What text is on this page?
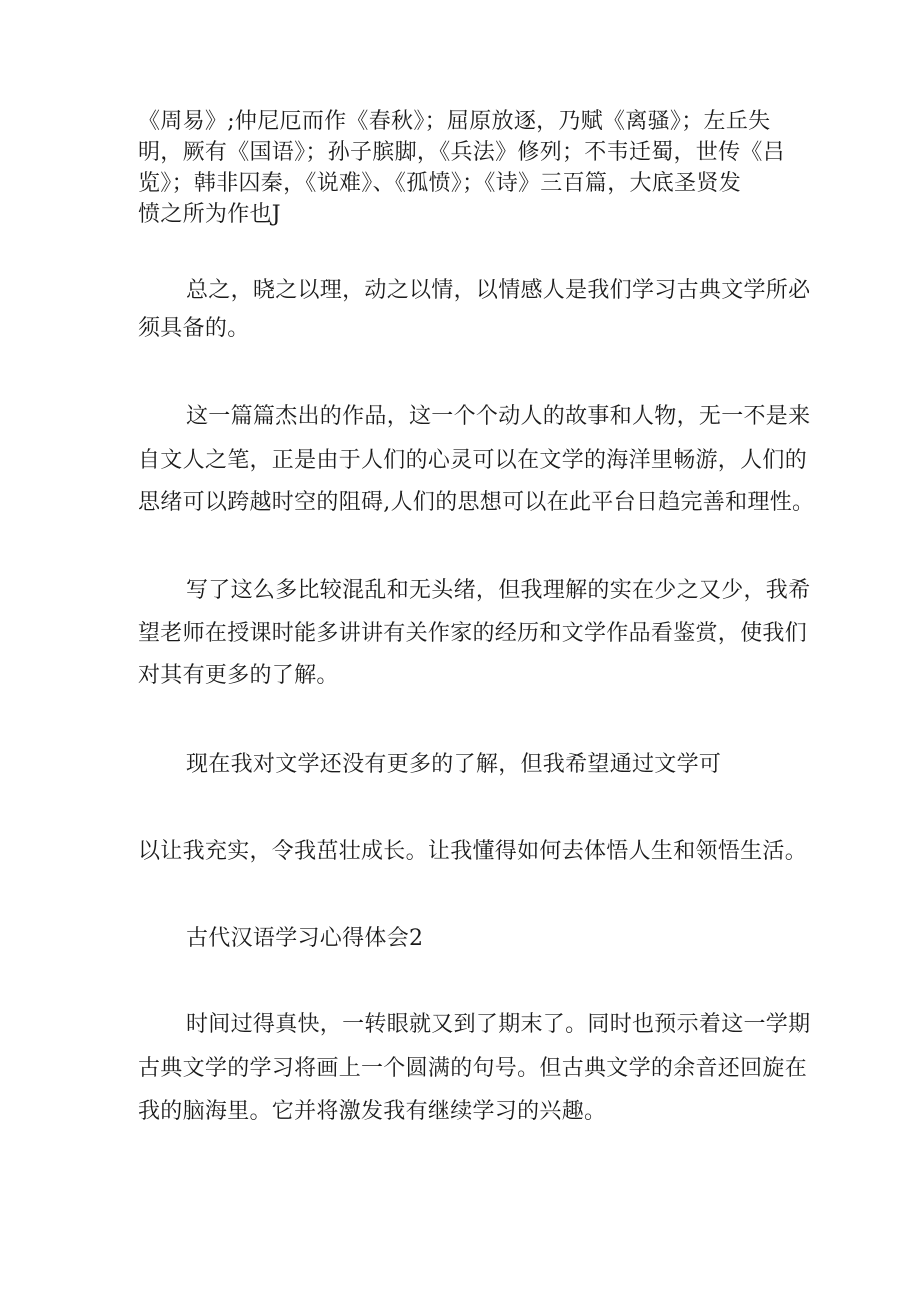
《周易》;仲尼厄而作《春秋》；屈原放逐，乃赋《离骚》；左丘失
明，厥有《国语》；孙子膑脚，《兵法》修列；不韦迁蜀，世传《吕
览》；韩非囚秦，《说难》、《孤愤》；《诗》三百篇，大底圣贤发
愤之所为作也J
总之，晓之以理，动之以情，以情感人是我们学习古典文学所必
须具备的。
这一篇篇杰出的作品，这一个个动人的故事和人物，无一不是来
自文人之笔，正是由于人们的心灵可以在文学的海洋里畅游，人们的
思绪可以跨越时空的阻碍,人们的思想可以在此平台日趋完善和理性。
写了这么多比较混乱和无头绪，但我理解的实在少之又少，我希
望老师在授课时能多讲讲有关作家的经历和文学作品看鉴赏，使我们
对其有更多的了解。
现在我对文学还没有更多的了解，但我希望通过文学可
以让我充实，令我茁壮成长。让我懂得如何去体悟人生和领悟生活。
古代汉语学习心得体会2
时间过得真快，一转眼就又到了期末了。同时也预示着这一学期
古典文学的学习将画上一个圆满的句号。但古典文学的余音还回旋在
我的脑海里。它并将激发我有继续学习的兴趣。
